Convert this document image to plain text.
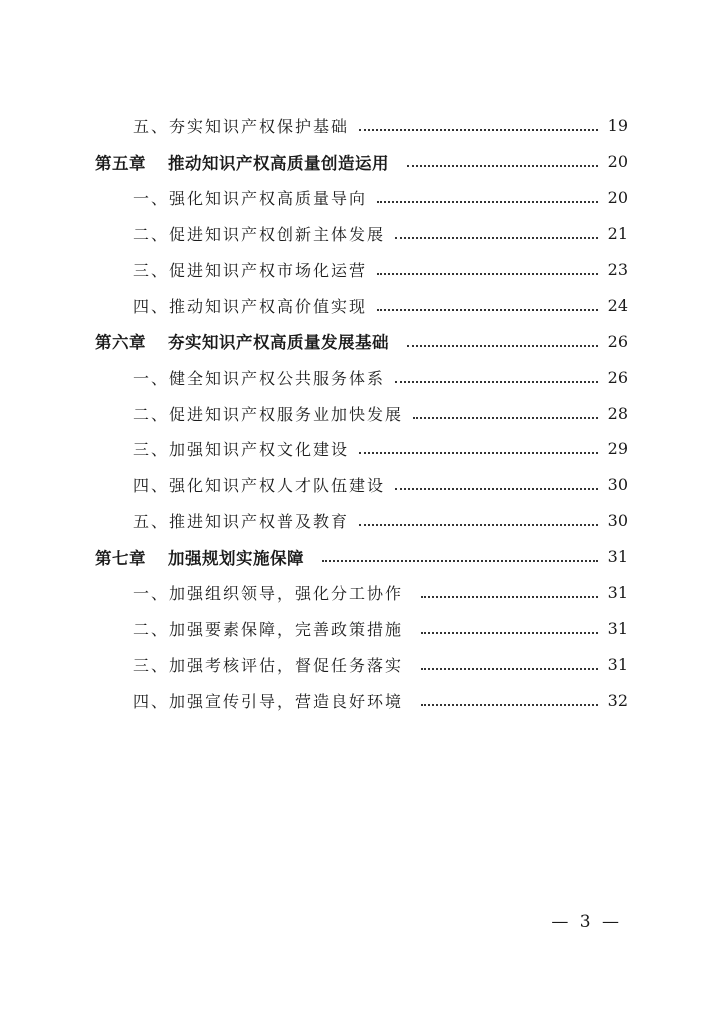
五、夯实知识产权保护基础	19
第五章 推动知识产权高质量创造运用	20
一、强化知识产权高质量导向	20
二、促进知识产权创新主体发展	21
三、促进知识产权市场化运营	23
四、推动知识产权高价值实现	24
第六章 夯实知识产权高质量发展基础	26
一、健全知识产权公共服务体系	26
二、促进知识产权服务业加快发展	28
三、加强知识产权文化建设	29
四、强化知识产权人才队伍建设	30
五、推进知识产权普及教育	30
第七章 加强规划实施保障	31
一、加强组织领导，强化分工协作	31
二、加强要素保障，完善政策措施	31
三、加强考核评估，督促任务落实	31
四、加强宣传引导，营造良好环境	32
— 3 —
